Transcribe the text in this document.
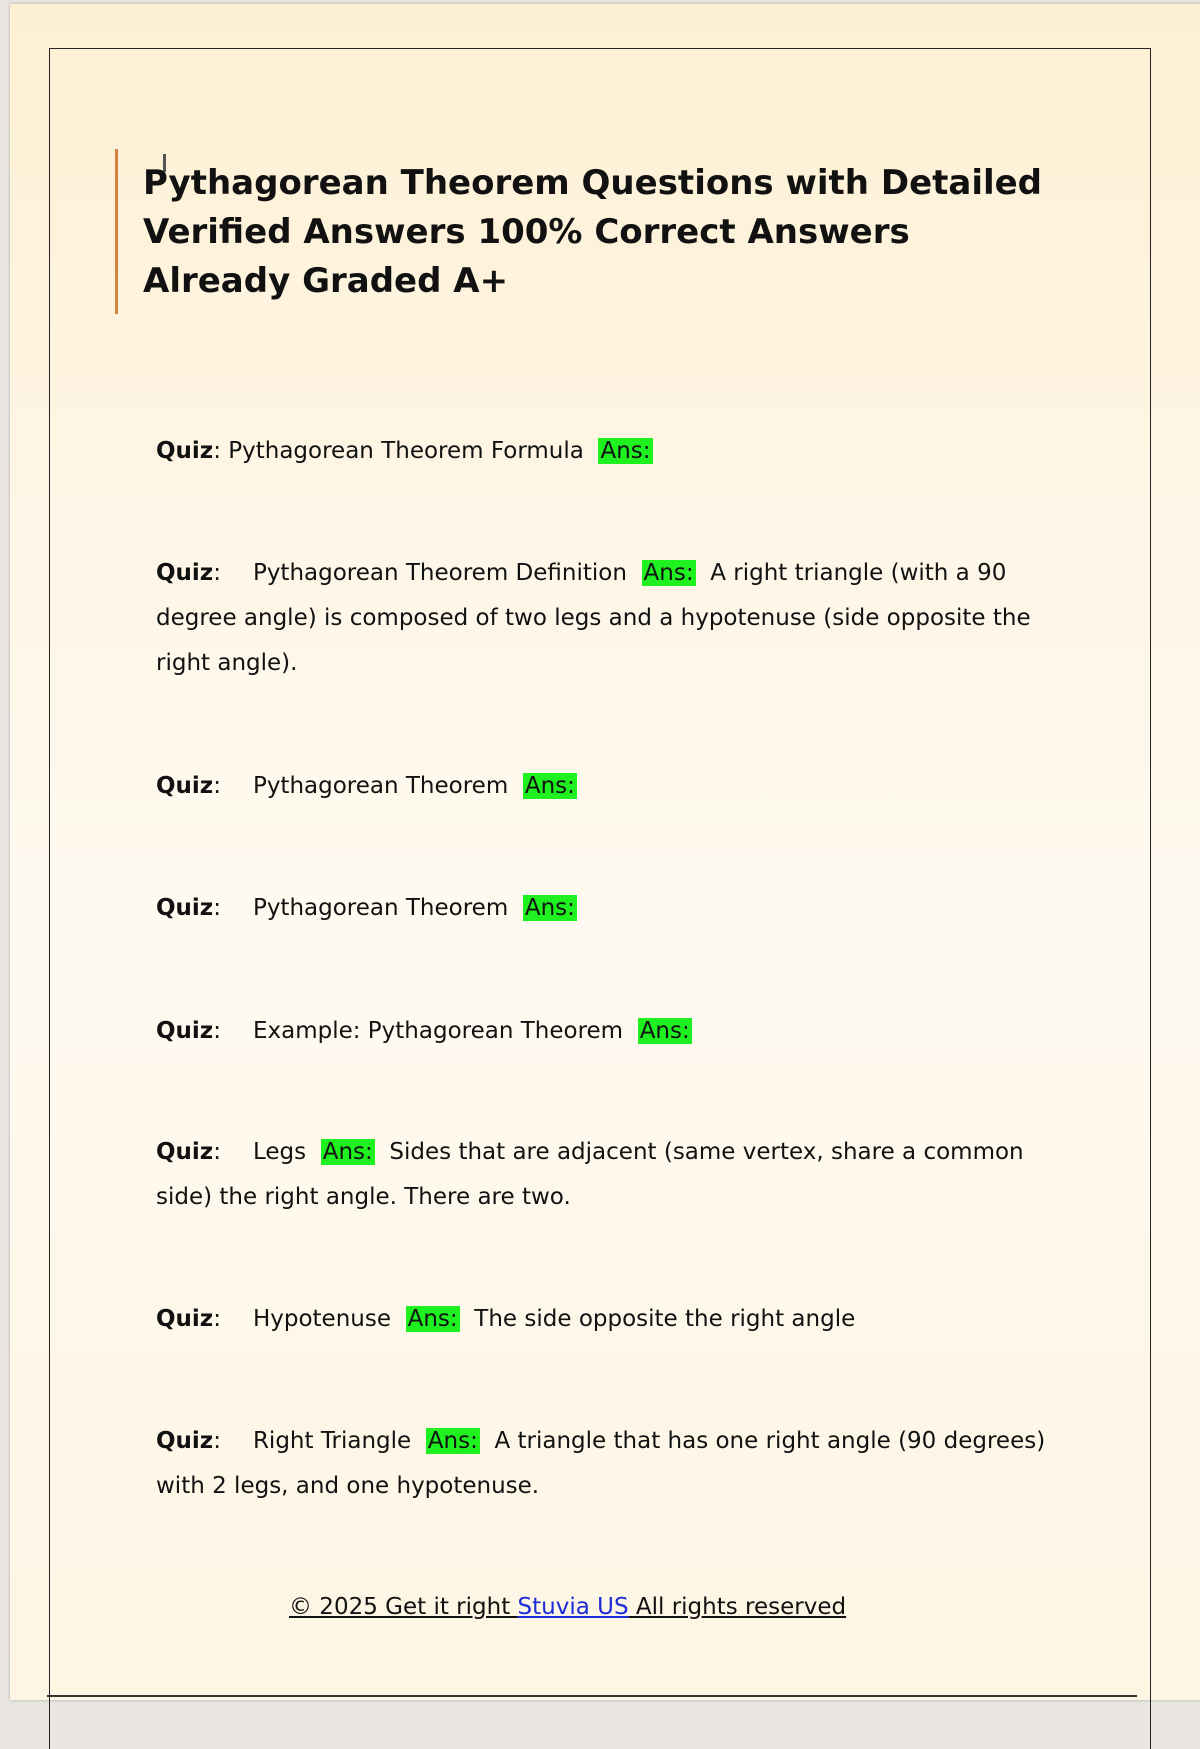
Pythagorean Theorem Questions with Detailed Verified Answers 100% Correct Answers Already Graded A+
Quiz: Pythagorean Theorem Formula Ans:
Quiz: Pythagorean Theorem Definition Ans: A right triangle (with a 90 degree angle) is composed of two legs and a hypotenuse (side opposite the right angle).
Quiz: Pythagorean Theorem Ans:
Quiz: Pythagorean Theorem Ans:
Quiz: Example: Pythagorean Theorem Ans:
Quiz: Legs Ans: Sides that are adjacent (same vertex, share a common side) the right angle. There are two.
Quiz: Hypotenuse Ans: The side opposite the right angle
Quiz: Right Triangle Ans: A triangle that has one right angle (90 degrees) with 2 legs, and one hypotenuse.
© 2025 Get it right Stuvia US All rights reserved
